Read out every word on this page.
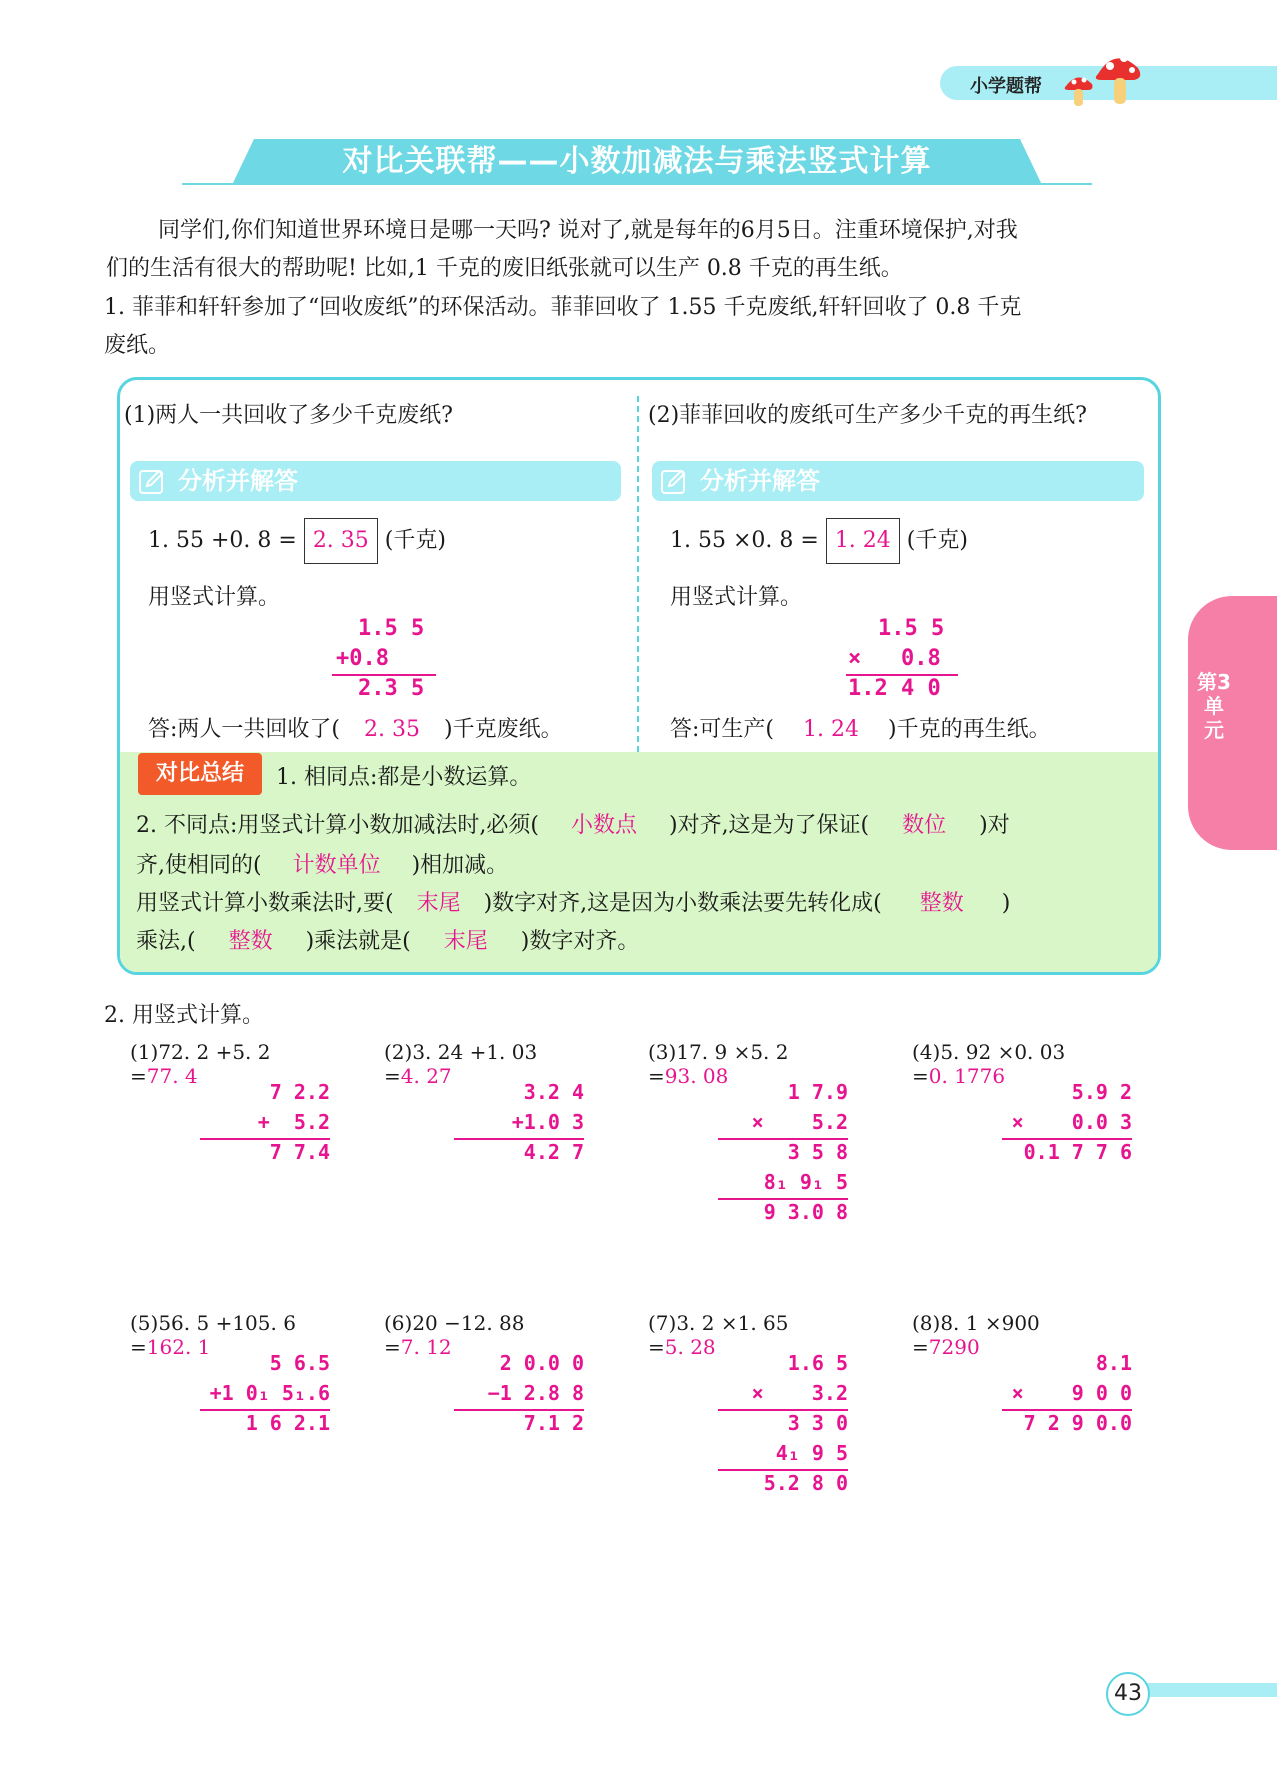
小学题帮
对比关联帮——小数加减法与乘法竖式计算
同学们,你们知道世界环境日是哪一天吗? 说对了,就是每年的6月5日。注重环境保护,对我
们的生活有很大的帮助呢! 比如,1 千克的废旧纸张就可以生产 0.8 千克的再生纸。
1. 菲菲和轩轩参加了“回收废纸”的环保活动。菲菲回收了 1.55 千克废纸,轩轩回收了 0.8 千克
废纸。
(1)两人一共回收了多少千克废纸?
分析并解答
1. 55 +0. 8 = 2. 35 (千克)
用竖式计算。
1.5 5
+0.8
2.3 5
答:两人一共回收了( 2. 35 )千克废纸。
(2)菲菲回收的废纸可生产多少千克的再生纸?
分析并解答
1. 55 ×0. 8 = 1. 24 (千克)
用竖式计算。
1.5 5
×   0.8
1.2 4 0
答:可生产( 1. 24 )千克的再生纸。
对比总结	1. 相同点:都是小数运算。
2. 不同点:用竖式计算小数加减法时,必须( 小数点 )对齐,这是为了保证( 数位 )对
齐,使相同的( 计数单位 )相加减。
用竖式计算小数乘法时,要( 末尾 )数字对齐,这是因为小数乘法要先转化成( 整数 )
乘法,( 整数 )乘法就是( 末尾 )数字对齐。
2. 用竖式计算。
(1)72. 2 +5. 2 =77. 4
7 2.2
+  5.2
7 7.4
(2)3. 24 +1. 03 =4. 27
3.2 4
+1.0 3
4.2 7
(3)17. 9 ×5. 2 =93. 08
1 7.9
×    5.2
3 5 8
8₁ 9₁ 5
9 3.0 8
(4)5. 92 ×0. 03 =0. 1776
5.9 2
×    0.0 3
0.1 7 7 6
(5)56. 5 +105. 6 =162. 1
5 6.5
+1 0₁ 5₁.6
1 6 2.1
(6)20 −12. 88 =7. 12
2 0.0 0
−1 2.8 8
7.1 2
(7)3. 2 ×1. 65 =5. 28
1.6 5
×    3.2
3 3 0
4₁ 9 5
5.2 8 0
(8)8. 1 ×900 =7290
8.1
×    9 0 0
7 2 9 0.0
第3单元
43
